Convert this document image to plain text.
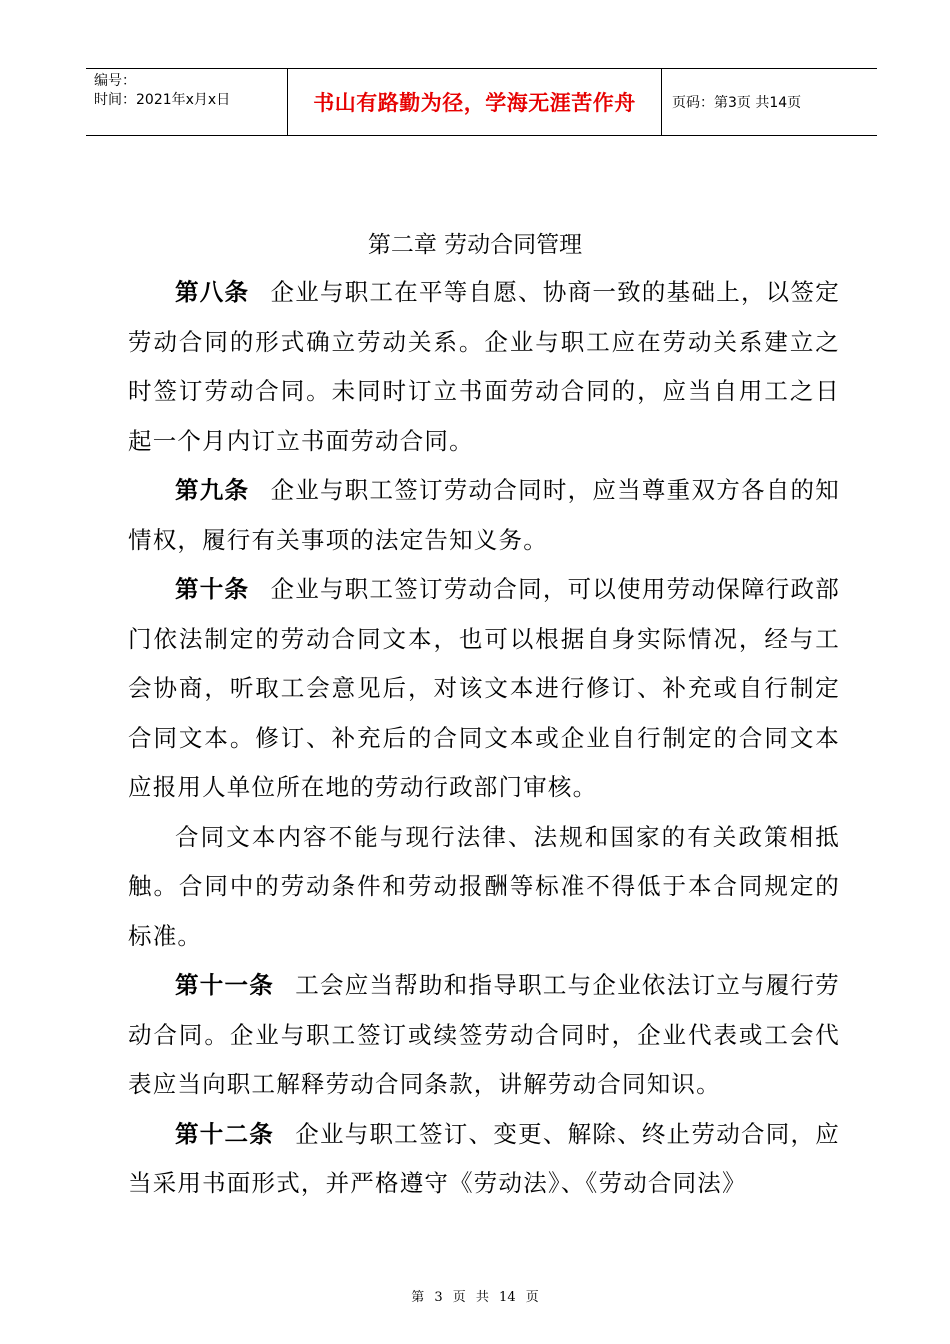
编号：
时间：2021年x月x日	书山有路勤为径，学海无涯苦作舟	页码：第3页 共14页
第二章 劳动合同管理

第八条 企业与职工在平等自愿、协商一致的基础上，以签定劳动合同的形式确立劳动关系。企业与职工应在劳动关系建立之时签订劳动合同。未同时订立书面劳动合同的，应当自用工之日起一个月内订立书面劳动合同。

第九条 企业与职工签订劳动合同时，应当尊重双方各自的知情权，履行有关事项的法定告知义务。

第十条 企业与职工签订劳动合同，可以使用劳动保障行政部门依法制定的劳动合同文本，也可以根据自身实际情况，经与工会协商，听取工会意见后，对该文本进行修订、补充或自行制定合同文本。修订、补充后的合同文本或企业自行制定的合同文本应报用人单位所在地的劳动行政部门审核。

合同文本内容不能与现行法律、法规和国家的有关政策相抵触。合同中的劳动条件和劳动报酬等标准不得低于本合同规定的标准。

第十一条 工会应当帮助和指导职工与企业依法订立与履行劳动合同。企业与职工签订或续签劳动合同时，企业代表或工会代表应当向职工解释劳动合同条款，讲解劳动合同知识。

第十二条 企业与职工签订、变更、解除、终止劳动合同，应当采用书面形式，并严格遵守《劳动法》、《劳动合同法》

第 3 页 共 14 页
